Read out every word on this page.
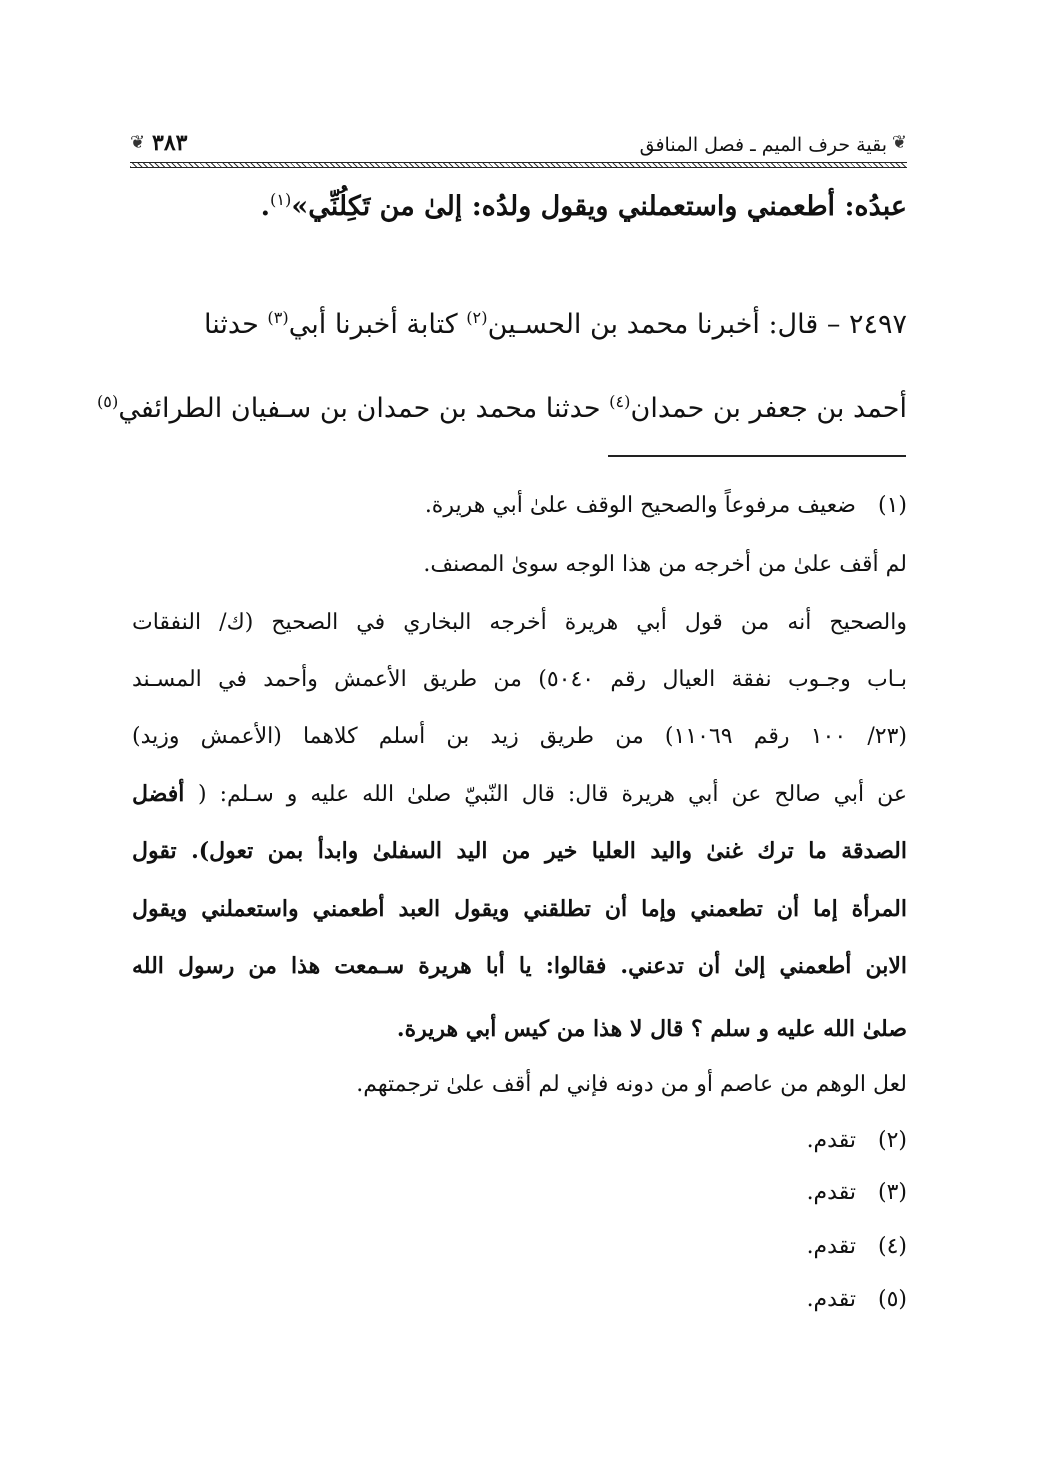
❦
بقية حرف الميم ـ فصل المنافق
❦ ٣٨٣
عبدُه: أطعمني واستعملني ويقول ولدُه: إلىٰ من تَكِلُنِّي»$^{(١)}$.
٢٤٩٧ – قال: أخبرنا محمد بن الحسـين$^{(٢)}$ كتابة أخبرنا أبي$^{(٣)}$ حدثنا
أحمد بن جعفر بن حمدان$^{(٤)}$ حدثنا محمد بن حمدان بن سـفيان الطرائفي$^{(٥)}$
(١)ضعيف مرفوعاً والصحيح الوقف علىٰ أبي هريرة.
لم أقف علىٰ من أخرجه من هذا الوجه سوىٰ المصنف.
والصحيح أنه من قول أبي هريرة أخرجه البخاري في الصحيح (ك/ النفقات
بـاب وجـوب نفقة العيال رقم ٥٠٤٠) من طريق الأعمش وأحمد في المسـند
(٢٣/ ١٠٠ رقم ١١٠٦٩) من طريق زيد بن أسلم كلاهما (الأعمش وزيد)
عن أبي صالح عن أبي هريرة قال: قال النّبيّ صلىٰ الله عليه و سـلم: ( أفضل
الصدقة ما ترك غنىٰ واليد العليا خير من اليد السفلىٰ وابدأ بمن تعول). تقول
المرأة إما أن تطعمني وإما أن تطلقني ويقول العبد أطعمني واستعملني ويقول
الابن أطعمني إلىٰ أن تدعني. فقالوا: يا أبا هريرة سـمعت هذا من رسول الله
صلىٰ الله عليه و سلم ؟ قال لا هذا من كيس أبي هريرة.
لعل الوهم من عاصم أو من دونه فإني لم أقف علىٰ ترجمتهم.
(٢)تقدم.
(٣)تقدم.
(٤)تقدم.
(٥)تقدم.
